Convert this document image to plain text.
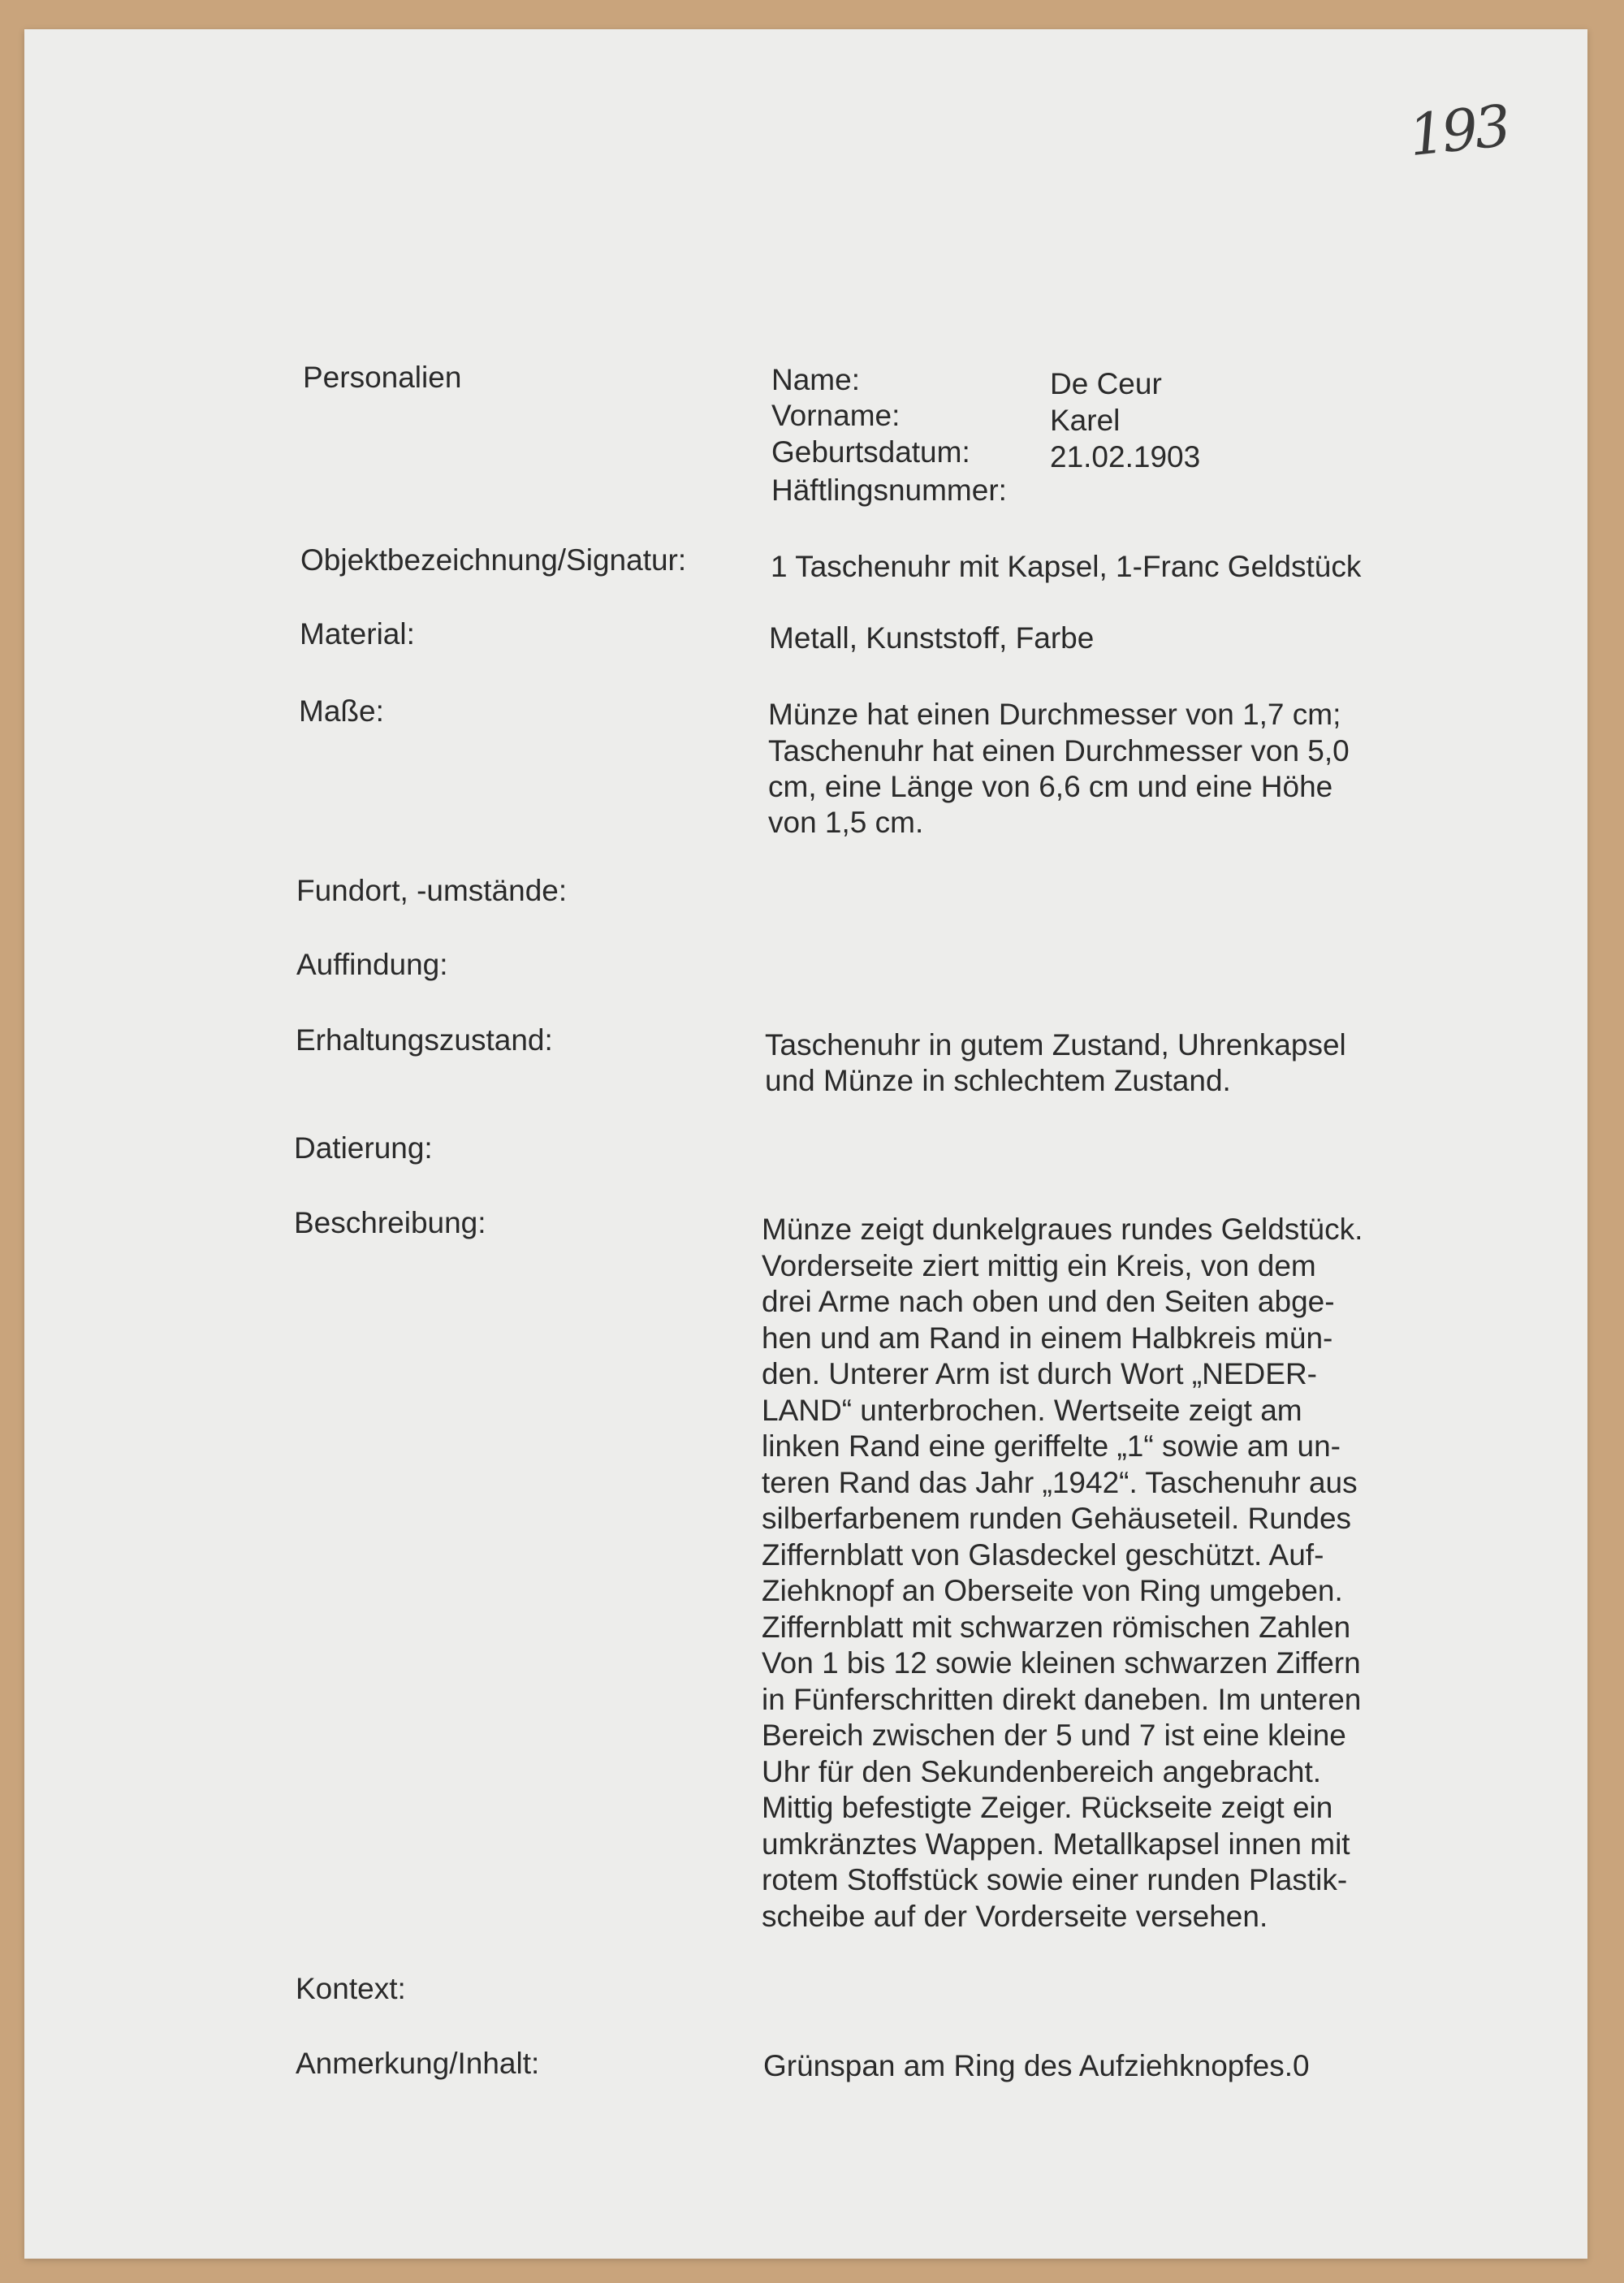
193
Personalien	Name:	De Ceur
Vorname:	Karel
Geburtsdatum:	21.02.1903
Häftlingsnummer:
Objektbezeichnung/Signatur:	1 Taschenuhr mit Kapsel, 1-Franc Geldstück
Material:	Metall, Kunststoff, Farbe
Maße:	Münze hat einen Durchmesser von 1,7 cm;
Taschenuhr hat einen Durchmesser von 5,0
cm, eine Länge von 6,6 cm und eine Höhe
von 1,5 cm.
Fundort, -umstände:
Auffindung:
Erhaltungszustand:	Taschenuhr in gutem Zustand, Uhrenkapsel
und Münze in schlechtem Zustand.
Datierung:
Beschreibung:	Münze zeigt dunkelgraues rundes Geldstück.
Vorderseite ziert mittig ein Kreis, von dem
drei Arme nach oben und den Seiten abge-
hen und am Rand in einem Halbkreis mün-
den. Unterer Arm ist durch Wort „NEDER-
LAND“ unterbrochen. Wertseite zeigt am
linken Rand eine geriffelte „1“ sowie am un-
teren Rand das Jahr „1942“. Taschenuhr aus
silberfarbenem runden Gehäuseteil. Rundes
Ziffernblatt von Glasdeckel geschützt. Auf-
Ziehknopf an Oberseite von Ring umgeben.
Ziffernblatt mit schwarzen römischen Zahlen
Von 1 bis 12 sowie kleinen schwarzen Ziffern
in Fünferschritten direkt daneben. Im unteren
Bereich zwischen der 5 und 7 ist eine kleine
Uhr für den Sekundenbereich angebracht.
Mittig befestigte Zeiger. Rückseite zeigt ein
umkränztes Wappen. Metallkapsel innen mit
rotem Stoffstück sowie einer runden Plastik-
scheibe auf der Vorderseite versehen.
Kontext:
Anmerkung/Inhalt:	Grünspan am Ring des Aufziehknopfes.0
